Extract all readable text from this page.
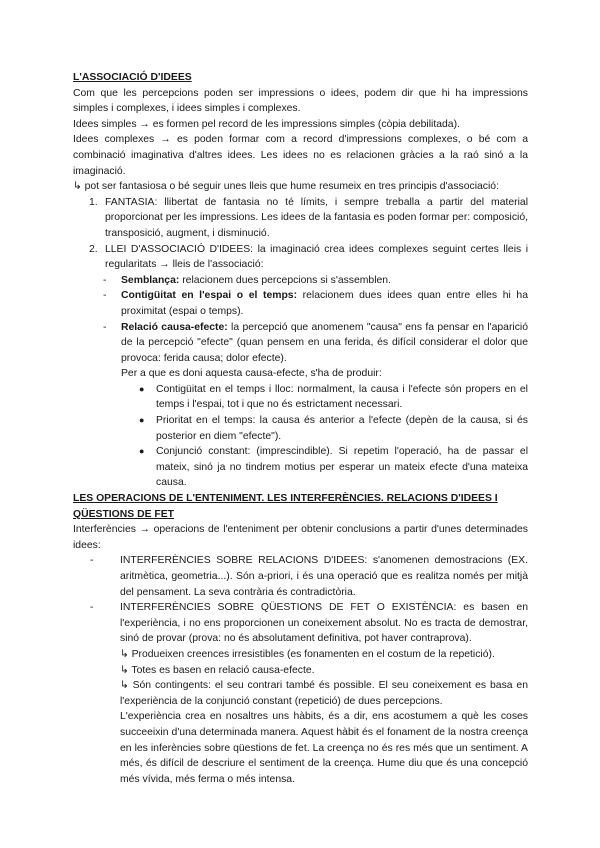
L'ASSOCIACIÓ D'IDEES

Com que les percepcions poden ser impressions o idees, podem dir que hi ha impressions simples i complexes, i idees simples i complexes.

Idees simples → es formen pel record de les impressions simples (còpia debilitada).

Idees complexes → es poden formar com a record d'impressions complexes, o bé com a combinació imaginativa d'altres idees. Les idees no es relacionen gràcies a la raó sinó a la imaginació.

↳ pot ser fantasiosa o bé seguir unes lleis que hume resumeix en tres principis d'associació:

1. FANTASIA: llibertat de fantasia no té límits, i sempre treballa a partir del material proporcionat per les impressions. Les idees de la fantasia es poden formar per: composició, transposició, augment, i disminució.
2. LLEI D'ASSOCIACIÓ D'IDEES: la imaginació crea idees complexes seguint certes lleis i regularitats → lleis de l'associació:
-	Semblança: relacionem dues percepcions si s'assemblen.
-	Contigüitat en l'espai o el temps: relacionem dues idees quan entre elles hi ha proximitat (espai o temps).
-	Relació causa-efecte: la percepció que anomenem "causa" ens fa pensar en l'aparició de la percepció "efecte" (quan pensem en una ferida, és difícil considerar el dolor que provoca: ferida causa; dolor efecte).

Per a que es doni aquesta causa-efecte, s'ha de produir:

●	Contigüitat en el temps i lloc: normalment, la causa i l'efecte són propers en el temps i l'espai, tot i que no és estrictament necessari.
●	Prioritat en el temps: la causa és anterior a l'efecte (depèn de la causa, si és posterior en diem "efecte").
●	Conjunció constant: (imprescindible). Si repetim l'operació, ha de passar el mateix, sinó ja no tindrem motius per esperar un mateix efecte d'una mateixa causa.

LES OPERACIONS DE L'ENTENIMENT. LES INTERFERÈNCIES. RELACIONS D'IDEES I QÜESTIONS DE FET

Interferències → operacions de l'enteniment per obtenir conclusions a partir d'unes determinades idees:

-	INTERFERÈNCIES SOBRE RELACIONS D'IDEES: s'anomenen demostracions (EX. aritmètica, geometria...). Són a-priori, i és una operació que es realitza només per mitjà del pensament. La seva contrària és contradictòria.
-	INTERFERÈNCIES SOBRE QÜESTIONS DE FET O EXISTÈNCIA: es basen en l'experiència, i no ens proporcionen un coneixement absolut. No es tracta de demostrar, sinó de provar (prova: no és absolutament definitiva, pot haver contraprova).
↳ Produeixen creences irresistibles (es fonamenten en el costum de la repetició).
↳ Totes es basen en relació causa-efecte.
↳ Són contingents: el seu contrari també és possible. El seu coneixement es basa en l'experiència de la conjunció constant (repetició) de dues percepcions.
L'experiència crea en nosaltres uns hàbits, és a dir, ens acostumem a què les coses succeeixin d'una determinada manera. Aquest hàbit és el fonament de la nostra creença en les inferències sobre qüestions de fet. La creença no és res més que un sentiment. A més, és difícil de descriure el sentiment de la creença. Hume diu que és una concepció més vívida, més ferma o més intensa.
